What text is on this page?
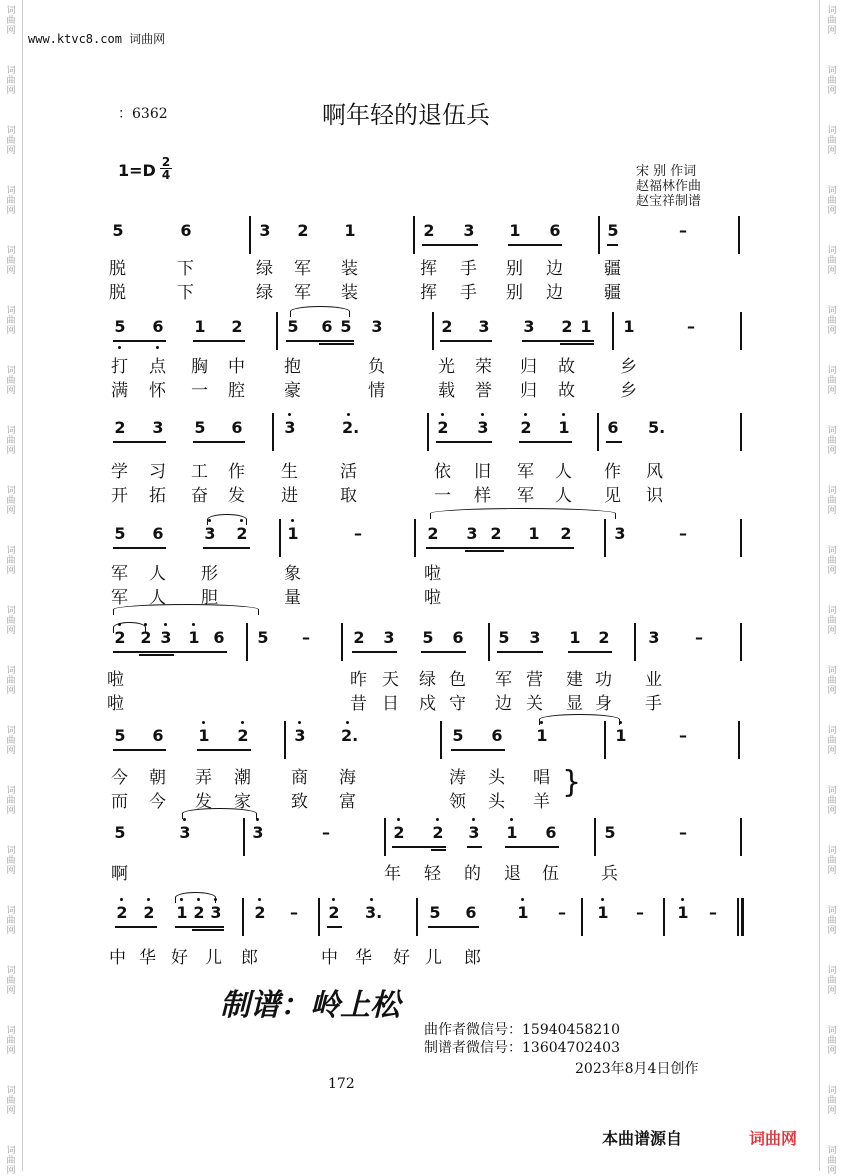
词
曲
网
词
曲
网
词
曲
网
词
曲
网
词
曲
网
词
曲
网
词
曲
网
词
曲
网
词
曲
网
词
曲
网
词
曲
网
词
曲
网
词
曲
网
词
曲
网
词
曲
网
词
曲
网
词
曲
网
词
曲
网
词
曲
网
词
曲
网
词
曲
网
词
曲
网
词
曲
网
词
曲
网
词
曲
网
词
曲
网
词
曲
网
词
曲
网
词
曲
网
词
曲
网
词
曲
网
词
曲
网
词
曲
网
词
曲
网
词
曲
网
词
曲
网
词
曲
网
词
曲
网
词
曲
网
词
曲
网
www.ktvc8.com 词曲网
：6362	啊年轻的退伍兵
1=D 2
4	宋 别 作词
赵福林作曲
赵宝祥制谱
5	6	3 2 1	2 3 1 6	5	–
脱	下	绿 军 装	挥 手 别 边 疆
脱	下	绿 军 装	挥 手 别 边 疆
5 6 1 2	5 6 5 3	2 3 3 2 1 1	–
打 点 胸 中 抱	负	光 荣 归 故	乡
满 怀 一 腔 豪	情	载 誉 归 故	乡
2 3 5 6	3	2.	2 3 2 1 6 5.
学 习 工 作 生 活	依 旧 军 人 作 风
开 拓 奋 发 进 取	一 样 军 人 见 识
5 6	3 2 1	–	2 3 2 1 2	3	–
军 人 形	象	啦
军 人 胆	量	啦
2 2 3 1 6 5 –	2 3 5 6 5 3 1 2 3 –
啦	昨 天 绿 色 军 营 建 功 业
啦	昔 日 戍 守 边 关 显 身 手
5 6 1 2	3 2.	5 6 1	1	–
今 朝 弄 潮 商 海	涛 头 唱
而 今 发 家 致 富	领 头 羊
5	3	3	–	2 2 3 1 6	5	–
啊	年 轻 的 退 伍 兵
2 2 1 2 3 2 – 2 3.	5 6	1 – 1 – 1 –
中 华 好 儿 郎	中 华 好 儿 郎
}
制谱：岭上松
曲作者微信号：15940458210
制谱者微信号：13604702403
2023年8月4日创作
172
本曲谱源自	词曲网
